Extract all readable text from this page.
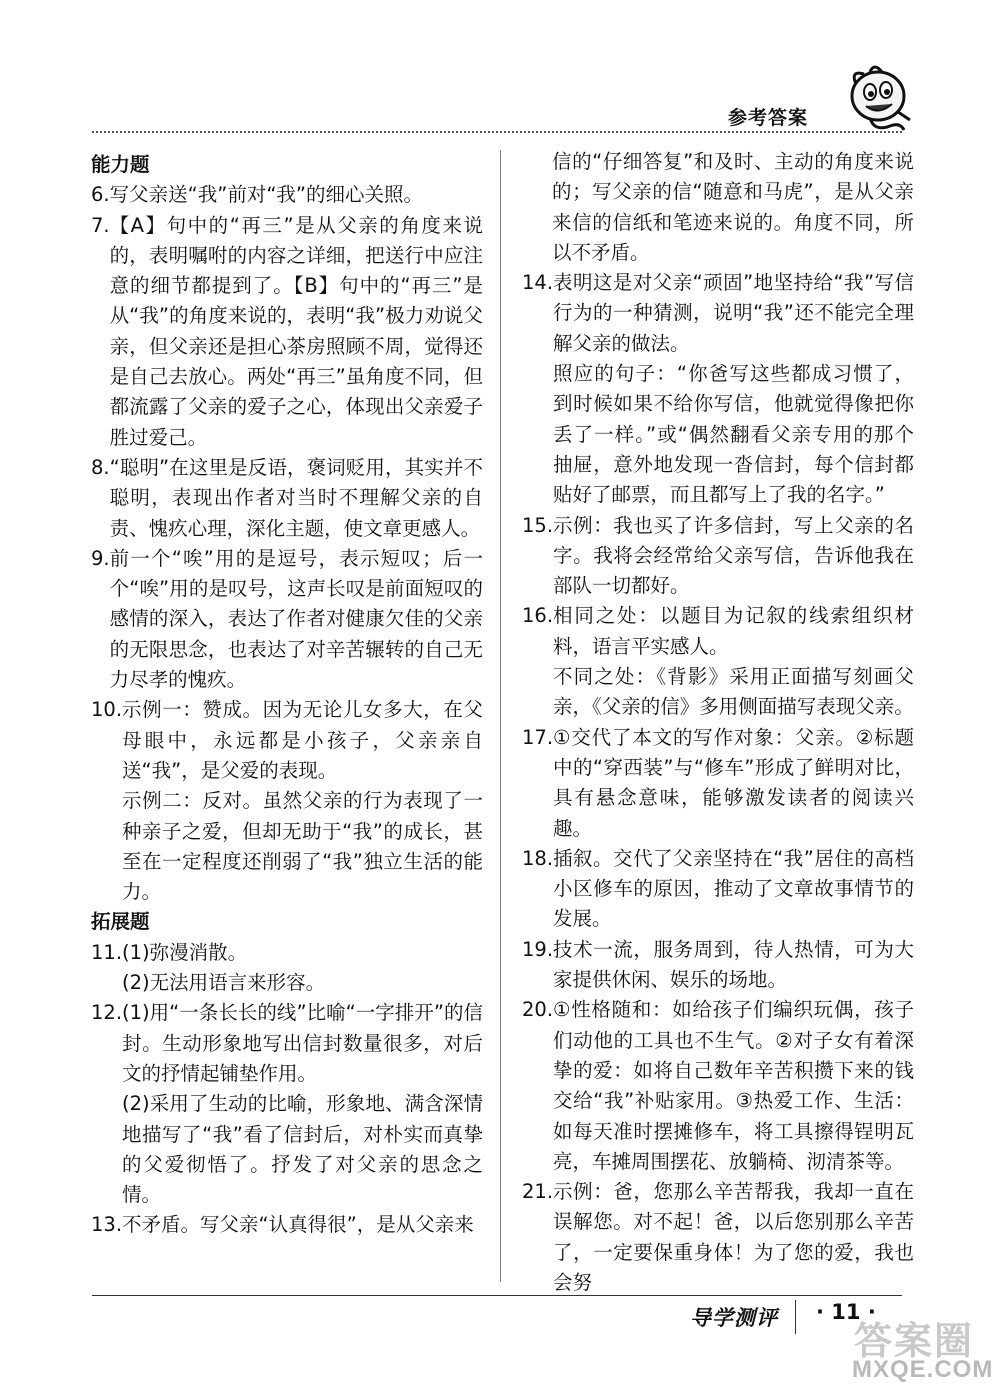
参考答案
能力题
6. 写父亲送“我”前对“我”的细心关照。
7. 【A】句中的“再三”是从父亲的角度来说的，表明嘱咐的内容之详细，把送行中应注意的细节都提到了。【B】句中的“再三”是从“我”的角度来说的，表明“我”极力劝说父亲，但父亲还是担心茶房照顾不周，觉得还是自己去放心。两处“再三”虽角度不同，但都流露了父亲的爱子之心，体现出父亲爱子胜过爱己。
8. “聪明”在这里是反语，褒词贬用，其实并不聪明，表现出作者对当时不理解父亲的自责、愧疚心理，深化主题，使文章更感人。
9. 前一个“唉”用的是逗号，表示短叹；后一个“唉”用的是叹号，这声长叹是前面短叹的感情的深入，表达了作者对健康欠佳的父亲的无限思念，也表达了对辛苦辗转的自己无力尽孝的愧疚。
10. 示例一：赞成。因为无论儿女多大，在父母眼中，永远都是小孩子，父亲亲自送“我”，是父爱的表现。
示例二：反对。虽然父亲的行为表现了一种亲子之爱，但却无助于“我”的成长，甚至在一定程度还削弱了“我”独立生活的能力。
拓展题
11. (1)弥漫消散。
(2)无法用语言来形容。
12. (1)用“一条长长的线”比喻“一字排开”的信封。生动形象地写出信封数量很多，对后文的抒情起铺垫作用。
(2)采用了生动的比喻，形象地、满含深情地描写了“我”看了信封后，对朴实而真挚的父爱彻悟了。抒发了对父亲的思念之情。
13. 不矛盾。写父亲“认真得很”，是从父亲来
信的“仔细答复”和及时、主动的角度来说的；写父亲的信“随意和马虎”，是从父亲来信的信纸和笔迹来说的。角度不同，所以不矛盾。
14. 表明这是对父亲“顽固”地坚持给“我”写信行为的一种猜测，说明“我”还不能完全理解父亲的做法。
照应的句子：“你爸写这些都成习惯了，到时候如果不给你写信，他就觉得像把你丢了一样。”或“偶然翻看父亲专用的那个抽屉，意外地发现一沓信封，每个信封都贴好了邮票，而且都写上了我的名字。”
15. 示例：我也买了许多信封，写上父亲的名字。我将会经常给父亲写信，告诉他我在部队一切都好。
16. 相同之处：以题目为记叙的线索组织材料，语言平实感人。
不同之处：《背影》采用正面描写刻画父亲，《父亲的信》多用侧面描写表现父亲。
17. ①交代了本文的写作对象：父亲。②标题中的“穿西装”与“修车”形成了鲜明对比，具有悬念意味，能够激发读者的阅读兴趣。
18. 插叙。交代了父亲坚持在“我”居住的高档小区修车的原因，推动了文章故事情节的发展。
19. 技术一流，服务周到，待人热情，可为大家提供休闲、娱乐的场地。
20. ①性格随和：如给孩子们编织玩偶，孩子们动他的工具也不生气。②对子女有着深挚的爱：如将自己数年辛苦积攒下来的钱交给“我”补贴家用。③热爱工作、生活：如每天准时摆摊修车，将工具擦得锃明瓦亮，车摊周围摆花、放躺椅、沏清茶等。
21. 示例：爸，您那么辛苦帮我，我却一直在误解您。对不起！爸，以后您别那么辛苦了，一定要保重身体！为了您的爱，我也会努
导学测评 · 11 ·
答案圈
MXQE.COM
